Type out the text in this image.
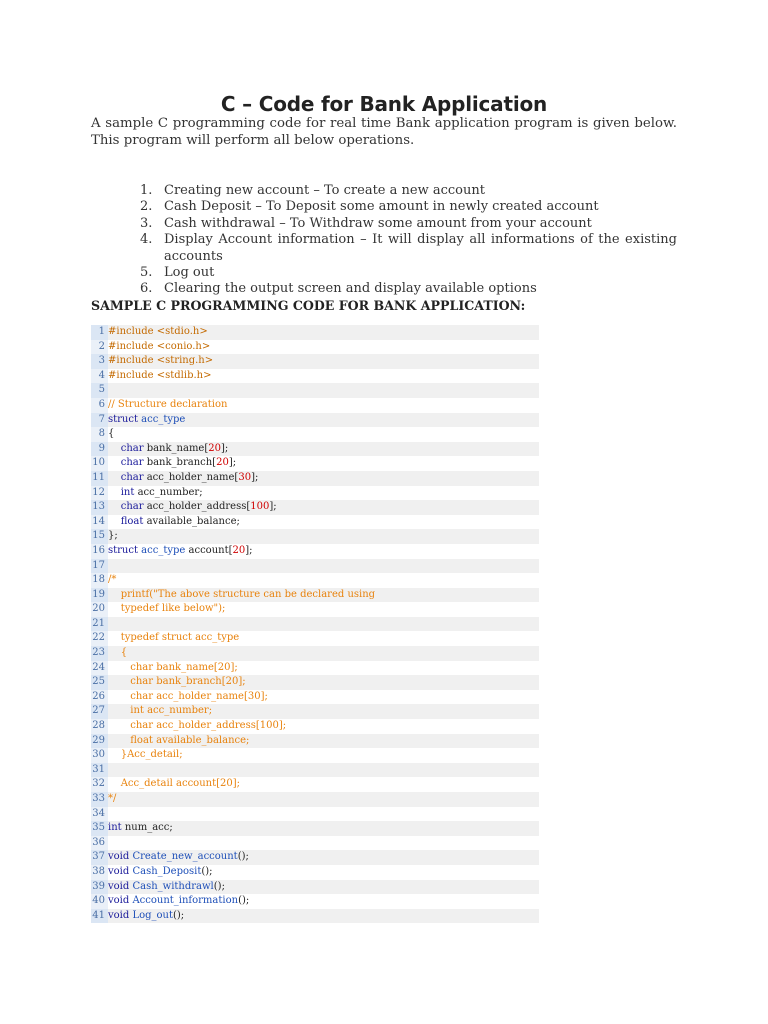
C – Code for Bank Application

A sample C programming code for real time Bank application program is given below. This program will perform all below operations.

1. Creating new account – To create a new account
2. Cash Deposit – To Deposit some amount in newly created account
3. Cash withdrawal – To Withdraw some amount from your account
4. Display Account information – It will display all informations of the existing accounts
5. Log out
6. Clearing the output screen and display available options

SAMPLE C PROGRAMMING CODE FOR BANK APPLICATION:

1 #include <stdio.h>
2 #include <conio.h>
3 #include <string.h>
4 #include <stdlib.h>
5
6 // Structure declaration
7 struct acc_type
8 {
9	char bank_name[20];
10	char bank_branch[20];
11	char acc_holder_name[30];
12	int acc_number;
13	char acc_holder_address[100];
14	float available_balance;
15 };
16 struct acc_type account[20];
17
18 /*
19 printf("The above structure can be declared using
20 typedef like below");
21
22 typedef struct acc_type
23 {
24 char bank_name[20];
25 char bank_branch[20];
26 char acc_holder_name[30];
27 int acc_number;
28 char acc_holder_address[100];
29 float available_balance;
30 }Acc_detail;
31
32 Acc_detail account[20];
33 */
34
35 int num_acc;
36
37 void Create_new_account();
38 void Cash_Deposit();
39 void Cash_withdrawl();
40 void Account_information();
41 void Log_out();
